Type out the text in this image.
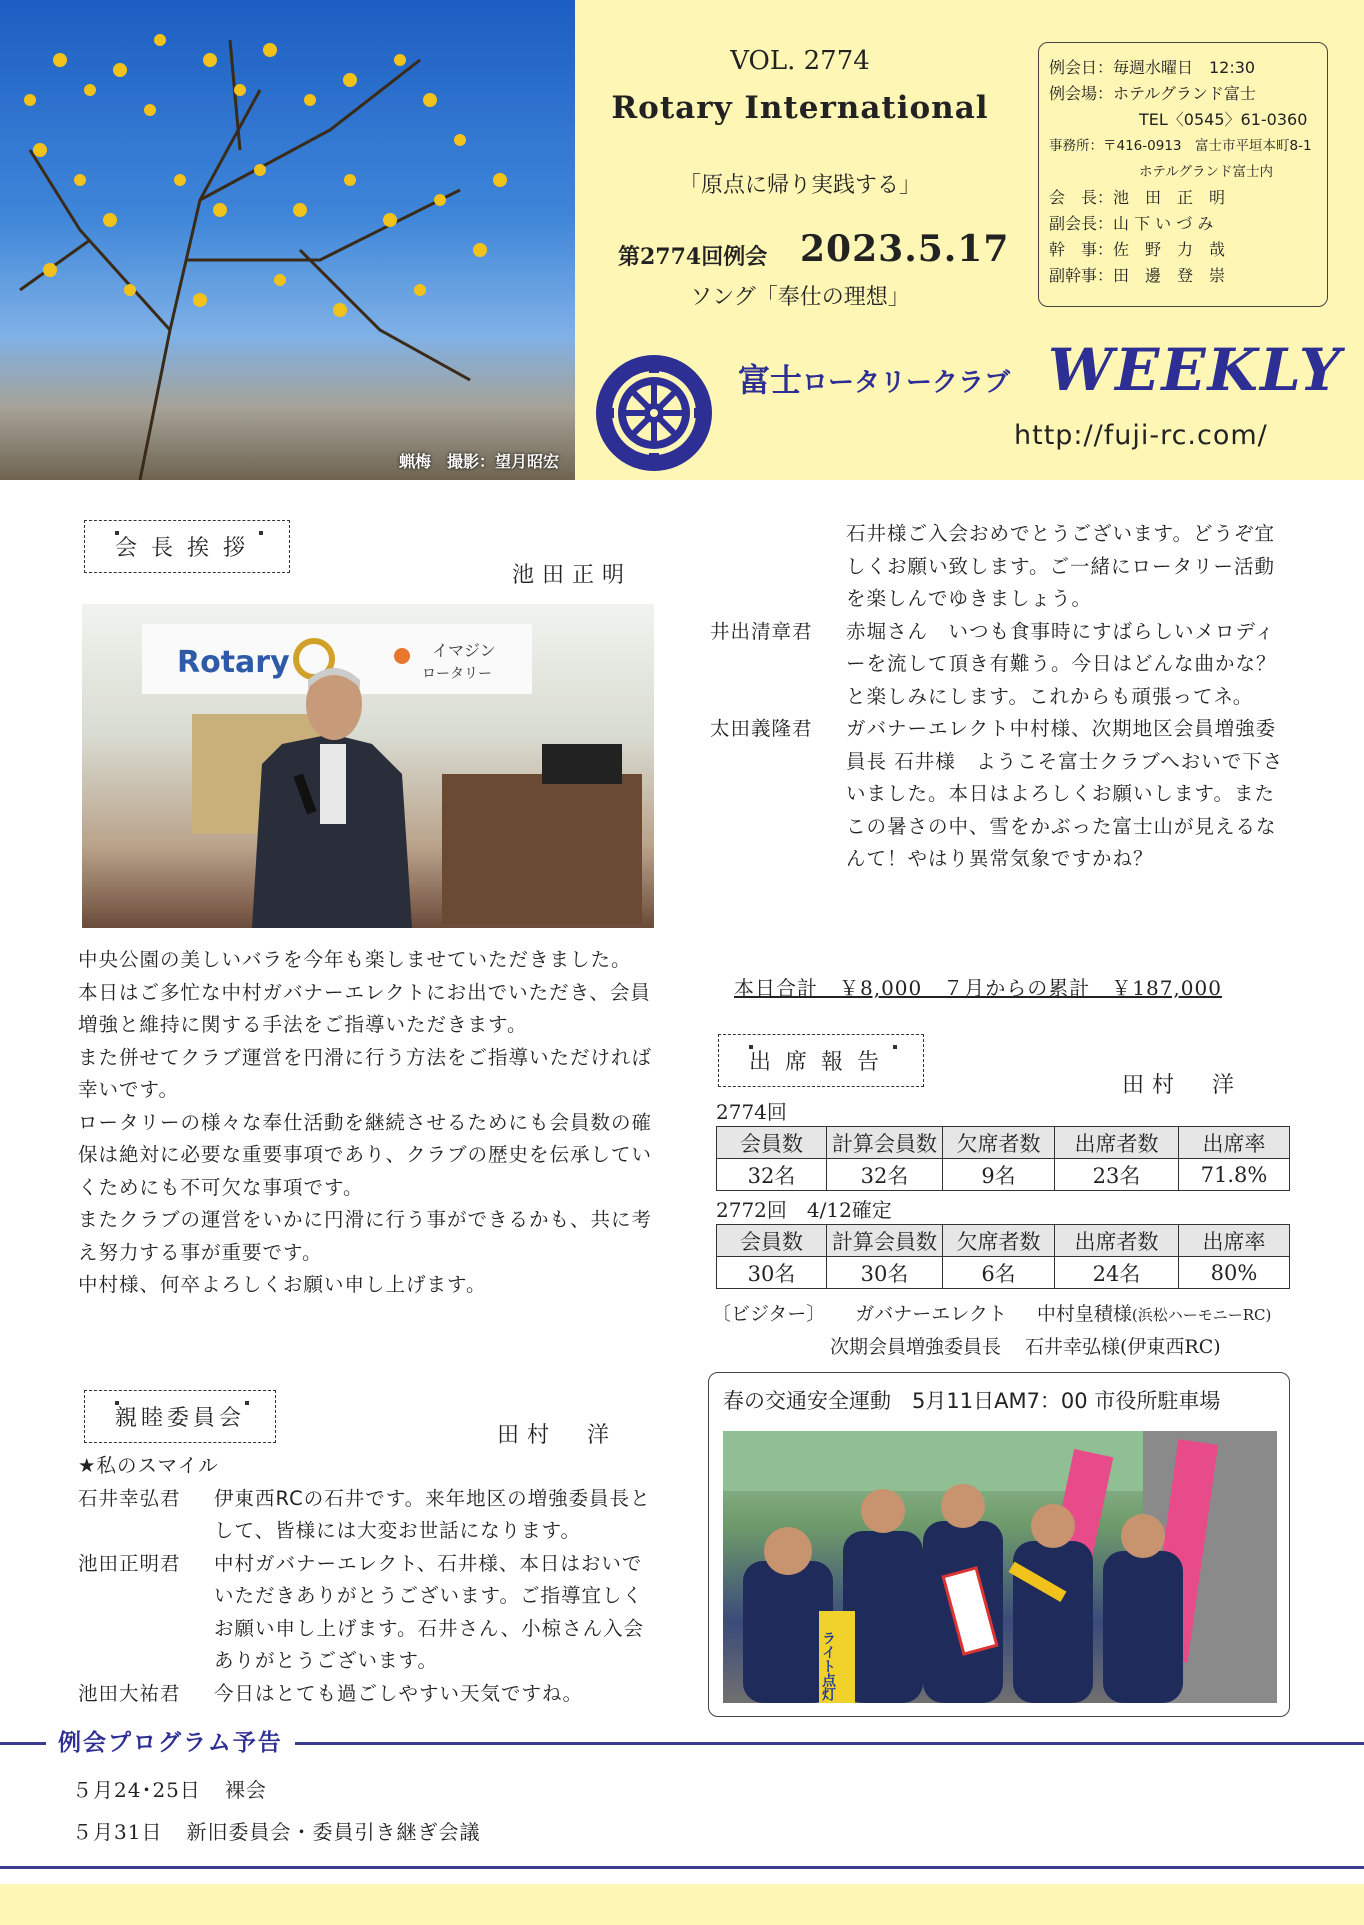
蝋梅　撮影：望月昭宏
VOL. 2774
Rotary International
「原点に帰り実践する」
第2774回例会 2023.5.17
ソング「奉仕の理想」
例会日：毎週水曜日　12:30
例会場：ホテルグランド富士
TEL〈0545〉61-0360
事務所：〒416-0913　富士市平垣本町8-1
ホテルグランド富士内
会　長：池　田　正　明
副会長：山 下 い づ み
幹　事：佐　野　力　哉
副幹事：田　邊　登　崇
富士ロータリークラブ WEEKLY
http://fuji-rc.com/
会長挨拶
池田正明
Rotary	イマジン
ロータリー

中央公園の美しいバラを今年も楽しませていただきました。

本日はご多忙な中村ガバナーエレクトにお出でいただき、会員増強と維持に関する手法をご指導いただきます。

また併せてクラブ運営を円滑に行う方法をご指導いただければ幸いです。

ロータリーの様々な奉仕活動を継続させるためにも会員数の確保は絶対に必要な重要事項であり、クラブの歴史を伝承していくためにも不可欠な事項です。

またクラブの運営をいかに円滑に行う事ができるかも、共に考え努力する事が重要です。

中村様、何卒よろしくお願い申し上げます。

親睦委員会
田村　洋
★私のスマイル
石井幸弘君	伊東西RCの石井です。来年地区の増強委員長として、皆様には大変お世話になります。
池田正明君	中村ガバナーエレクト、石井様、本日はおいでいただきありがとうございます。ご指導宜しくお願い申し上げます。石井さん、小椋さん入会ありがとうございます。
池田大祐君	今日はとても過ごしやすい天気ですね。
石井様ご入会おめでとうございます。どうぞ宜しくお願い致します。ご一緒にロータリー活動を楽しんでゆきましょう。
井出清章君	赤堀さん　いつも食事時にすばらしいメロディーを流して頂き有難う。今日はどんな曲かな？と楽しみにします。これからも頑張ってネ。
太田義隆君	ガバナーエレクト中村様、次期地区会員増強委員長 石井様　ようこそ富士クラブへおいで下さいました。本日はよろしくお願いします。またこの暑さの中、雪をかぶった富士山が見えるなんて！やはり異常気象ですかね？
本日合計　￥8,000　７月からの累計　￥187,000
出席報告
田村　洋
2774回
会員数	計算会員数	欠席者数	出席者数	出席率
32名	32名	9名	23名	71.8%
2772回　4/12確定
会員数	計算会員数	欠席者数	出席者数	出席率
30名	30名	6名	24名	80%
〔ビジター〕 ガバナーエレクト 中村皇積様(浜松ハーモニーRC)
次期会員増強委員長 石井幸弘様(伊東西RC)
春の交通安全運動　5月11日AM7：00 市役所駐車場
ライト点灯
例会プログラム予告
５月24･25日 裸会
５月31日 新旧委員会・委員引き継ぎ会議
